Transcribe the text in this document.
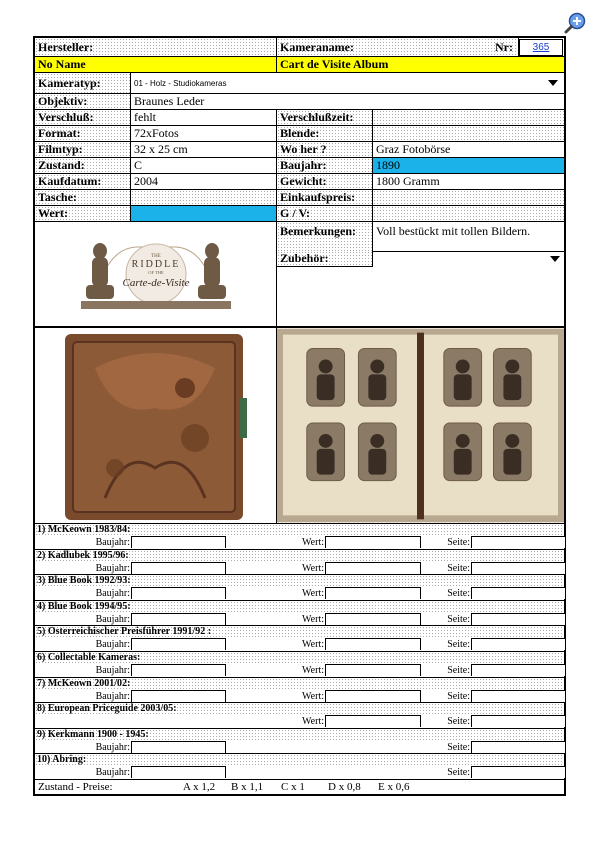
Hersteller:	Kameraname:	Nr: 365
No Name	Cart de Visite Album
Kameratyp:	01 - Holz - Studiokameras
Objektiv:	Braunes Leder
Verschluß:	fehlt	Verschlußzeit:
Format:	72xFotos	Blende:
Filmtyp:	32 x 25 cm	Wo her ?	Graz Fotobörse
Zustand:	C	Baujahr:	1890
Kaufdatum:	2004	Gewicht:	1800 Gramm
Tasche:	Einkaufspreis:
Wert:	G / V:
THE
RIDDLE
OF THE
Carte-de-Visite
Bemerkungen: Voll bestückt mit tollen Bildern.
Zubehör:
1) McKeown 1983/84:
Baujahr:	Wert:	Seite:
2) Kadlubek 1995/96:
Baujahr:	Wert:	Seite:
3) Blue Book 1992/93:
Baujahr:	Wert:	Seite:
4) Blue Book 1994/95:
Baujahr:	Wert:	Seite:
5) Österreichischer Preisführer 1991/92 :
Baujahr:	Wert:	Seite:
6) Collectable Kameras:
Baujahr:	Wert:	Seite:
7) McKeown 2001/02:
Baujahr:	Wert:	Seite:
8) European Priceguide 2003/05:
Wert:	Seite:
9) Kerkmann 1900 - 1945:
Baujahr:	Seite:
10) Abring:
Baujahr:	Seite:
Zustand - Preise:	A x 1,2 B x 1,1 C x 1 D x 0,8 E x 0,6
